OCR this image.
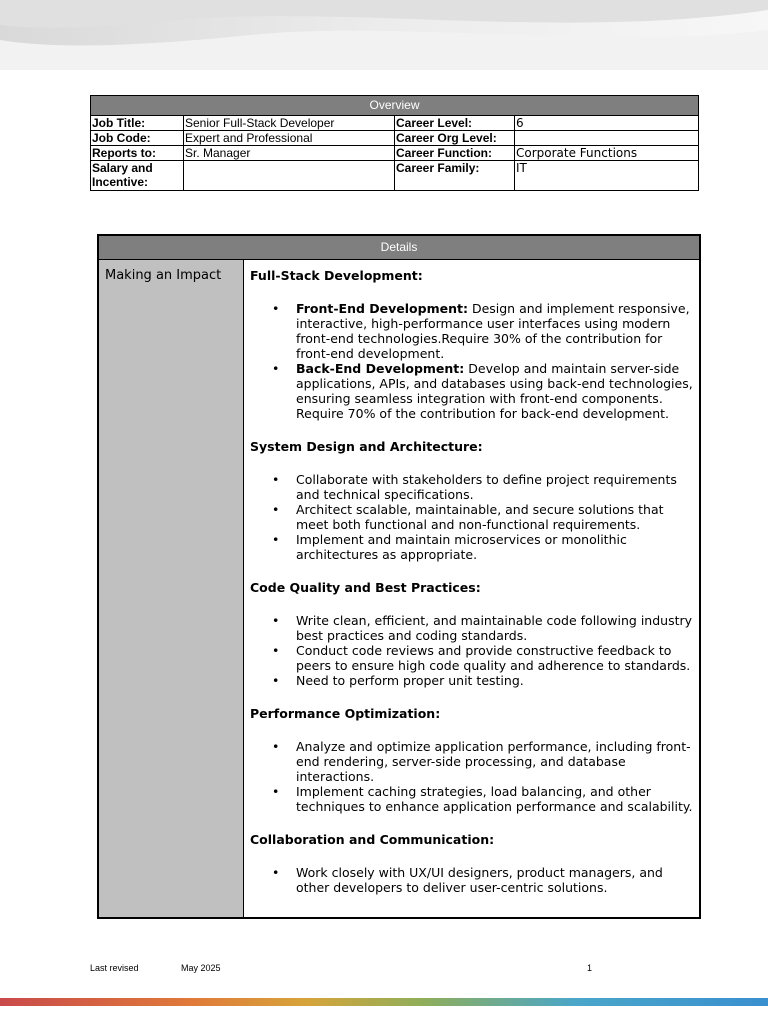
Overview			
Job Title:	Senior Full-Stack Developer	Career Level:	6
Job Code:	Expert and Professional	Career Org Level:	
Reports to:	Sr. Manager	Career Function:	Corporate Functions
Salary and Incentive:		Career Family:	IT
Details
Making an Impact	Full-Stack Development:
• Front-End Development: Design and implement responsive, interactive, high-performance user interfaces using modern front-end technologies.Require 30% of the contribution for front-end development.
• Back-End Development: Develop and maintain server-side applications, APIs, and databases using back-end technologies, ensuring seamless integration with front-end components. Require 70% of the contribution for back-end development.
System Design and Architecture:
• Collaborate with stakeholders to define project requirements and technical specifications.
• Architect scalable, maintainable, and secure solutions that meet both functional and non-functional requirements.
• Implement and maintain microservices or monolithic architectures as appropriate.
Code Quality and Best Practices:
• Write clean, efficient, and maintainable code following industry best practices and coding standards.
• Conduct code reviews and provide constructive feedback to peers to ensure high code quality and adherence to standards.
• Need to perform proper unit testing.
Performance Optimization:
• Analyze and optimize application performance, including front-end rendering, server-side processing, and database interactions.
• Implement caching strategies, load balancing, and other techniques to enhance application performance and scalability.
Collaboration and Communication:
• Work closely with UX/UI designers, product managers, and other developers to deliver user-centric solutions.
Last revised	May 2025	1
